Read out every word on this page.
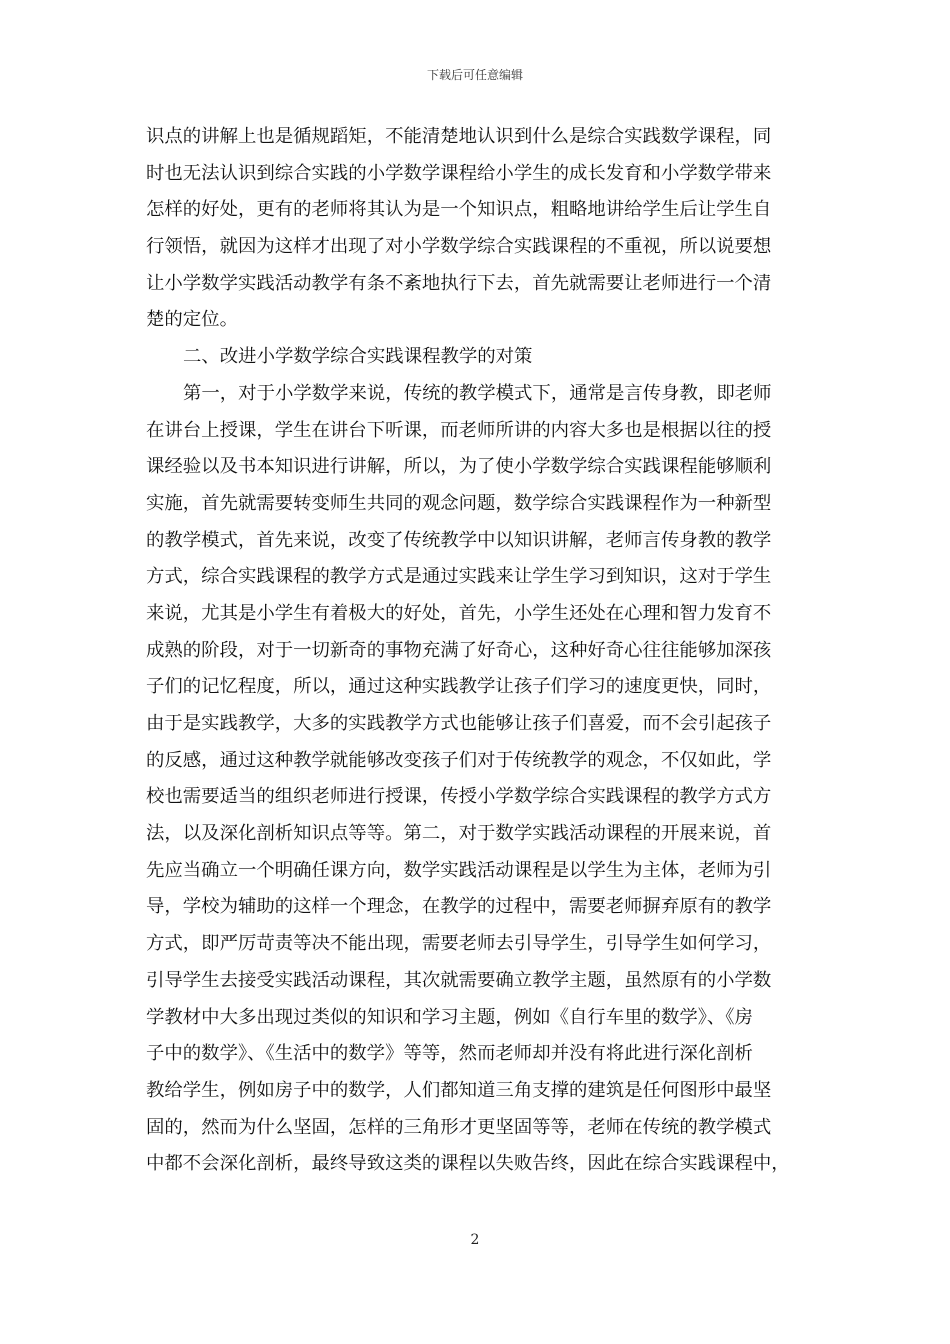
下载后可任意编辑
识点的讲解上也是循规蹈矩，不能清楚地认识到什么是综合实践数学课程，同
时也无法认识到综合实践的小学数学课程给小学生的成长发育和小学数学带来
怎样的好处，更有的老师将其认为是一个知识点，粗略地讲给学生后让学生自
行领悟，就因为这样才出现了对小学数学综合实践课程的不重视，所以说要想
让小学数学实践活动教学有条不紊地执行下去，首先就需要让老师进行一个清
楚的定位。
二、改进小学数学综合实践课程教学的对策
第一，对于小学数学来说，传统的教学模式下，通常是言传身教，即老师
在讲台上授课，学生在讲台下听课，而老师所讲的内容大多也是根据以往的授
课经验以及书本知识进行讲解，所以，为了使小学数学综合实践课程能够顺利
实施，首先就需要转变师生共同的观念问题，数学综合实践课程作为一种新型
的教学模式，首先来说，改变了传统教学中以知识讲解，老师言传身教的教学
方式，综合实践课程的教学方式是通过实践来让学生学习到知识，这对于学生
来说，尤其是小学生有着极大的好处，首先，小学生还处在心理和智力发育不
成熟的阶段，对于一切新奇的事物充满了好奇心，这种好奇心往往能够加深孩
子们的记忆程度，所以，通过这种实践教学让孩子们学习的速度更快，同时，
由于是实践教学，大多的实践教学方式也能够让孩子们喜爱，而不会引起孩子
的反感，通过这种教学就能够改变孩子们对于传统教学的观念，不仅如此，学
校也需要适当的组织老师进行授课，传授小学数学综合实践课程的教学方式方
法，以及深化剖析知识点等等。第二，对于数学实践活动课程的开展来说，首
先应当确立一个明确任课方向，数学实践活动课程是以学生为主体，老师为引
导，学校为辅助的这样一个理念，在教学的过程中，需要老师摒弃原有的教学
方式，即严厉苛责等决不能出现，需要老师去引导学生，引导学生如何学习，
引导学生去接受实践活动课程，其次就需要确立教学主题，虽然原有的小学数
学教材中大多出现过类似的知识和学习主题，例如《自行车里的数学》、《房
子中的数学》、《生活中的数学》等等，然而老师却并没有将此进行深化剖析
教给学生，例如房子中的数学，人们都知道三角支撑的建筑是任何图形中最坚
固的，然而为什么坚固，怎样的三角形才更坚固等等，老师在传统的教学模式
中都不会深化剖析，最终导致这类的课程以失败告终，因此在综合实践课程中，
2
